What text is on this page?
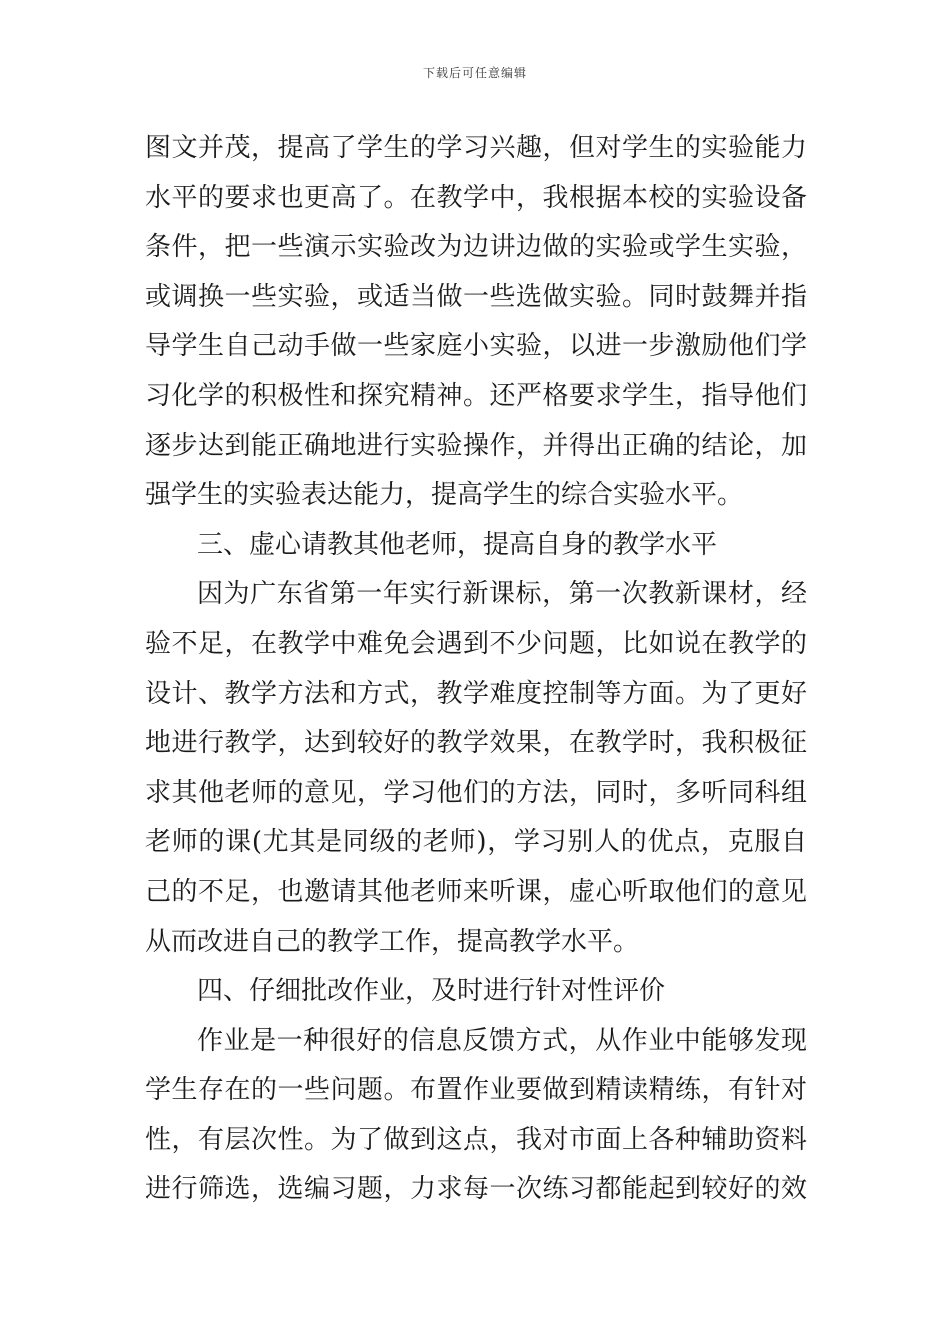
下载后可任意编辑
图文并茂，提高了学生的学习兴趣，但对学生的实验能力
水平的要求也更高了。在教学中，我根据本校的实验设备
条件，把一些演示实验改为边讲边做的实验或学生实验，
或调换一些实验，或适当做一些选做实验。同时鼓舞并指
导学生自己动手做一些家庭小实验，以进一步激励他们学
习化学的积极性和探究精神。还严格要求学生，指导他们
逐步达到能正确地进行实验操作，并得出正确的结论，加
强学生的实验表达能力，提高学生的综合实验水平。
三、虚心请教其他老师，提高自身的教学水平
因为广东省第一年实行新课标，第一次教新课材，经
验不足，在教学中难免会遇到不少问题，比如说在教学的
设计、教学方法和方式，教学难度控制等方面。为了更好
地进行教学，达到较好的教学效果，在教学时，我积极征
求其他老师的意见，学习他们的方法，同时，多听同科组
老师的课(尤其是同级的老师)，学习别人的优点，克服自
己的不足，也邀请其他老师来听课，虚心听取他们的意见
从而改进自己的教学工作，提高教学水平。
四、仔细批改作业，及时进行针对性评价
作业是一种很好的信息反馈方式，从作业中能够发现
学生存在的一些问题。布置作业要做到精读精练，有针对
性，有层次性。为了做到这点，我对市面上各种辅助资料
进行筛选，选编习题，力求每一次练习都能起到较好的效
